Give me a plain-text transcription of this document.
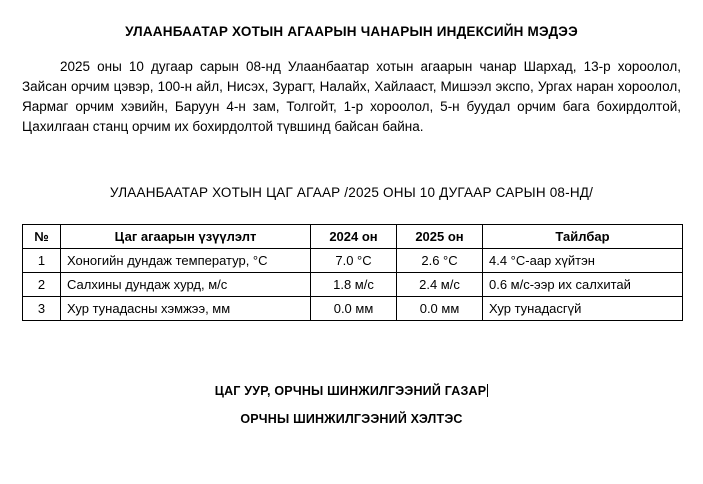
УЛААНБААТАР ХОТЫН АГААРЫН ЧАНАРЫН ИНДЕКСИЙН МЭДЭЭ

2025 оны 10 дугаар сарын 08-нд Улаанбаатар хотын агаарын чанар Шархад, 13-р хороолол, Зайсан орчим цэвэр, 100-н айл, Нисэх, Зурагт, Налайх, Хайлааст, Мишээл экспо, Ургах наран хороолол, Яармаг орчим хэвийн, Баруун 4-н зам, Толгойт, 1-р хороолол, 5-н буудал орчим бага бохирдолтой, Цахилгаан станц орчим их бохирдолтой түвшинд байсан байна.

УЛААНБААТАР ХОТЫН ЦАГ АГААР /2025 ОНЫ 10 ДУГААР САРЫН 08-НД/
№	Цаг агаарын үзүүлэлт	2024 он	2025 он	Тайлбар
1	Хоногийн дундаж температур, °С	7.0 °С	2.6 °С	4.4 °С-аар хүйтэн
2	Салхины дундаж хурд, м/с	1.8 м/с	2.4 м/с	0.6 м/с-ээр их салхитай
3	Хур тунадасны хэмжээ, мм	0.0 мм	0.0 мм	Хур тунадасгүй
ЦАГ УУР, ОРЧНЫ ШИНЖИЛГЭЭНИЙ ГАЗАР
ОРЧНЫ ШИНЖИЛГЭЭНИЙ ХЭЛТЭС
